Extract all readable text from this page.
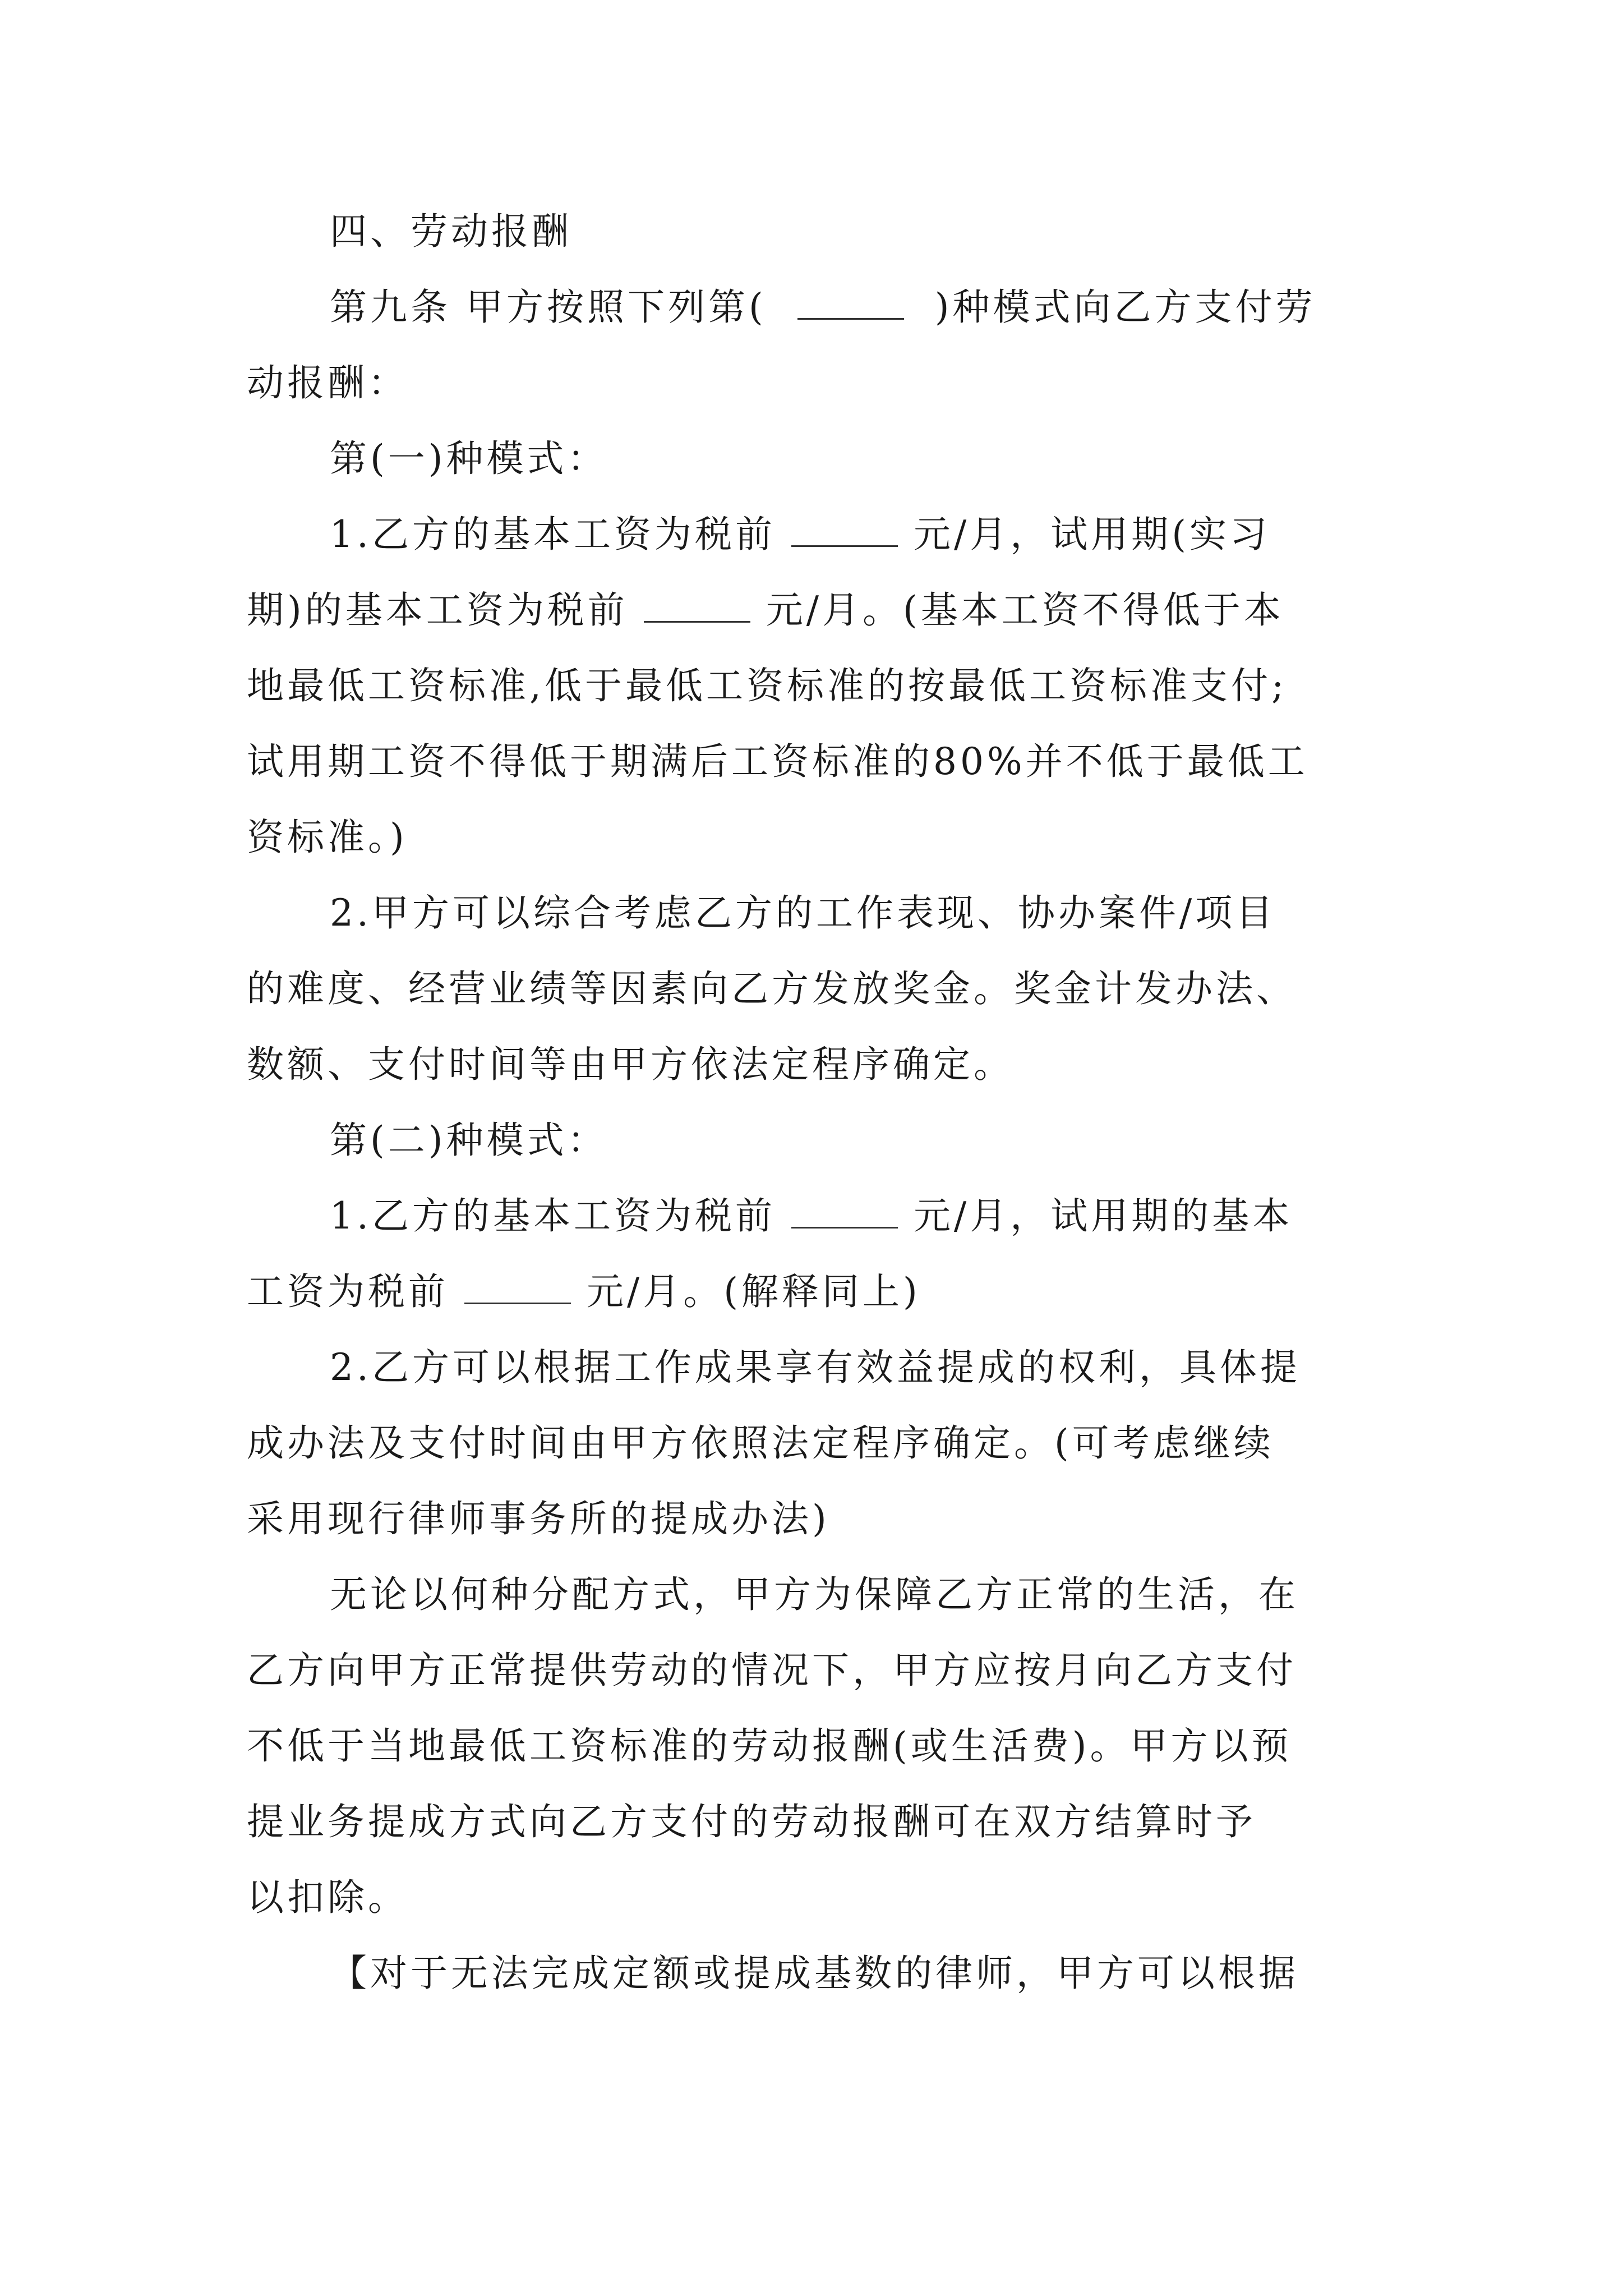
四、劳动报酬
第九条 甲方按照下列第(	)种模式向乙方支付劳
动报酬：
第(一)种模式：
1.乙方的基本工资为税前	元/月，试用期(实习
期)的基本工资为税前	元/月。(基本工资不得低于本
地最低工资标准,低于最低工资标准的按最低工资标准支付;
试用期工资不得低于期满后工资标准的80%并不低于最低工
资标准。)
2.甲方可以综合考虑乙方的工作表现、协办案件/项目
的难度、经营业绩等因素向乙方发放奖金。奖金计发办法、
数额、支付时间等由甲方依法定程序确定。
第(二)种模式：
1.乙方的基本工资为税前	元/月，试用期的基本
工资为税前	元/月。(解释同上)
2.乙方可以根据工作成果享有效益提成的权利，具体提
成办法及支付时间由甲方依照法定程序确定。(可考虑继续
采用现行律师事务所的提成办法)
无论以何种分配方式，甲方为保障乙方正常的生活，在
乙方向甲方正常提供劳动的情况下，甲方应按月向乙方支付
不低于当地最低工资标准的劳动报酬(或生活费)。甲方以预
提业务提成方式向乙方支付的劳动报酬可在双方结算时予
以扣除。
【对于无法完成定额或提成基数的律师，甲方可以根据
